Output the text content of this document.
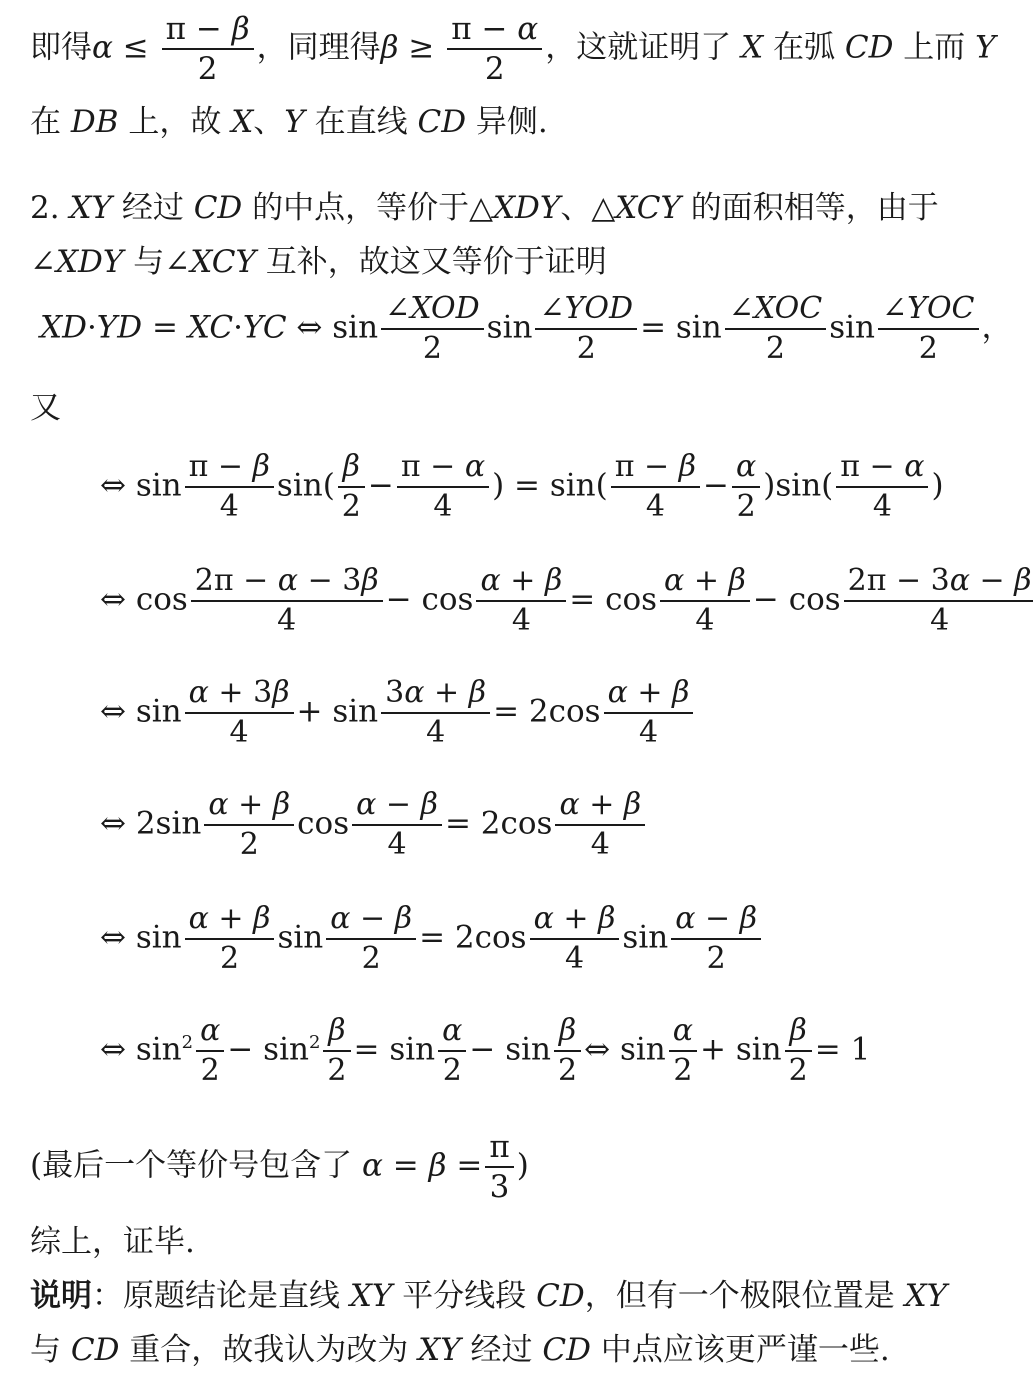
即得$\alpha \le \frac{\pi - \beta}{2}$ ，同理得$\beta \ge \frac{\pi - \alpha}{2}$ ，这就证明了 X 在弧 CD 上而 Y
在 DB 上，故 X、Y 在直线 CD 异侧.
2. XY 经过 CD 的中点，等价于△XDY、△XCY 的面积相等，由于
∠XDY 与∠XCY 互补，故这又等价于证明
XD·YD = XC·YC ⇔ $\sin \frac{\text{∠XOD}}{2}$ $\sin \frac{\text{∠YOD}}{2} = \sin \frac{\text{∠XOC}}{2}$ $\sin \frac{\text{∠YOC}}{2}$ ，
又
⇔ $\sin \frac{\pi - \beta}{4} \sin( \frac{\beta}{2} - \frac{\pi - \alpha}{4}$ ) = $\sin( \frac{\pi - \beta}{4} - \frac{\alpha}{2} )\sin( \frac{\pi - \alpha}{4}$ )
⇔ $\cos \frac{2\pi - \alpha - 3\beta}{4} - \cos \frac{\alpha + \beta}{4} = \cos \frac{\alpha + \beta}{4} - \cos \frac{2\pi - 3\alpha - \beta}{4}$
⇔ $\sin \frac{\alpha + 3\beta}{4} + \sin \frac{3\alpha + \beta}{4} = 2\cos \frac{\alpha + \beta}{4}$
⇔ $2\sin \frac{\alpha + \beta}{2}$ $\cos \frac{\alpha - \beta}{4} = 2\cos \frac{\alpha + \beta}{4}$
⇔ $\sin \frac{\alpha + \beta}{2}$ $\sin \frac{\alpha - \beta}{2} = 2\cos \frac{\alpha + \beta}{4}$ $\sin \frac{\alpha - \beta}{2}$
⇔ $\sin^2 \frac{\alpha}{2} - \sin^2 \frac{\beta}{2} = \sin \frac{\alpha}{2} - \sin \frac{\beta}{2}$ ⇔ $\sin \frac{\alpha}{2} + \sin \frac{\beta}{2} = 1$
(最后一个等价号包含了 $\alpha = \beta = \frac{\pi}{3}$ )
综上，证毕.
说明：原题结论是直线 XY 平分线段 CD，但有一个极限位置是 XY
与 CD 重合，故我认为改为 XY 经过 CD 中点应该更严谨一些.
